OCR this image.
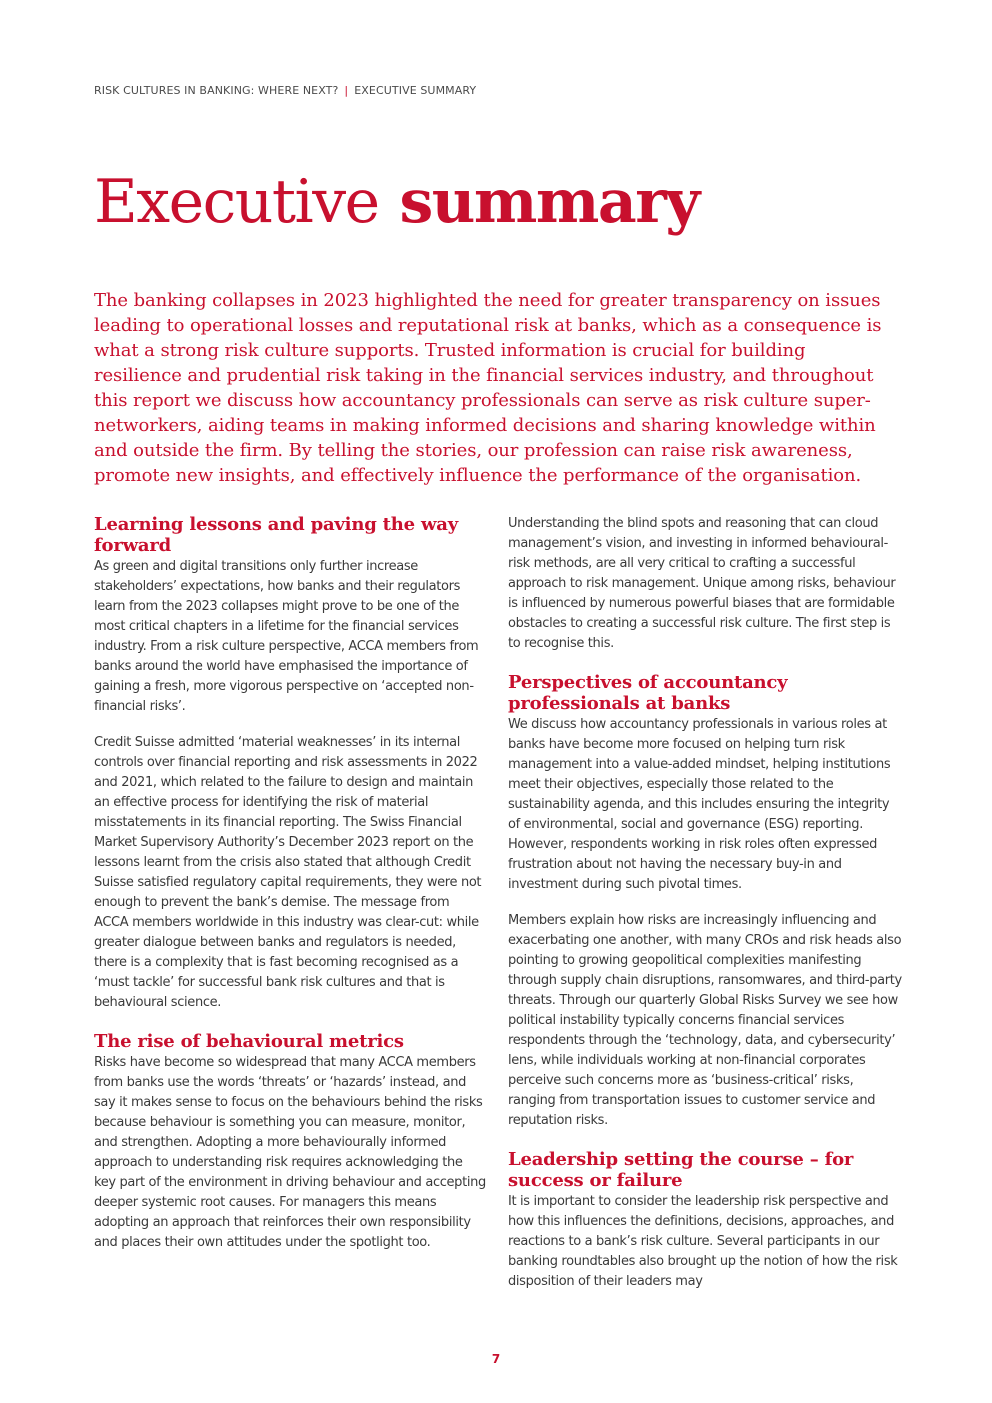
RISK CULTURES IN BANKING: WHERE NEXT? | EXECUTIVE SUMMARY
Executive summary

The banking collapses in 2023 highlighted the need for greater transparency on issues leading to operational losses and reputational risk at banks, which as a consequence is what a strong risk culture supports. Trusted information is crucial for building resilience and prudential risk taking in the financial services industry, and throughout this report we discuss how accountancy professionals can serve as risk culture super-networkers, aiding teams in making informed decisions and sharing knowledge within and outside the firm. By telling the stories, our profession can raise risk awareness, promote new insights, and effectively influence the performance of the organisation.

Learning lessons and paving the way forward

As green and digital transitions only further increase stakeholders’ expectations, how banks and their regulators learn from the 2023 collapses might prove to be one of the most critical chapters in a lifetime for the financial services industry. From a risk culture perspective, ACCA members from banks around the world have emphasised the importance of gaining a fresh, more vigorous perspective on ‘accepted non-financial risks’.

Credit Suisse admitted ‘material weaknesses’ in its internal controls over financial reporting and risk assessments in 2022 and 2021, which related to the failure to design and maintain an effective process for identifying the risk of material misstatements in its financial reporting. The Swiss Financial Market Supervisory Authority’s December 2023 report on the lessons learnt from the crisis also stated that although Credit Suisse satisfied regulatory capital requirements, they were not enough to prevent the bank’s demise. The message from ACCA members worldwide in this industry was clear-cut: while greater dialogue between banks and regulators is needed, there is a complexity that is fast becoming recognised as a ‘must tackle’ for successful bank risk cultures and that is behavioural science.

The rise of behavioural metrics

Risks have become so widespread that many ACCA members from banks use the words ‘threats’ or ‘hazards’ instead, and say it makes sense to focus on the behaviours behind the risks because behaviour is something you can measure, monitor, and strengthen. Adopting a more behaviourally informed approach to understanding risk requires acknowledging the key part of the environment in driving behaviour and accepting deeper systemic root causes. For managers this means adopting an approach that reinforces their own responsibility and places their own attitudes under the spotlight too.

Understanding the blind spots and reasoning that can cloud management’s vision, and investing in informed behavioural-risk methods, are all very critical to crafting a successful approach to risk management. Unique among risks, behaviour is influenced by numerous powerful biases that are formidable obstacles to creating a successful risk culture. The first step is to recognise this.

Perspectives of accountancy professionals at banks

We discuss how accountancy professionals in various roles at banks have become more focused on helping turn risk management into a value-added mindset, helping institutions meet their objectives, especially those related to the sustainability agenda, and this includes ensuring the integrity of environmental, social and governance (ESG) reporting. However, respondents working in risk roles often expressed frustration about not having the necessary buy-in and investment during such pivotal times.

Members explain how risks are increasingly influencing and exacerbating one another, with many CROs and risk heads also pointing to growing geopolitical complexities manifesting through supply chain disruptions, ransomwares, and third-party threats. Through our quarterly Global Risks Survey we see how political instability typically concerns financial services respondents through the ‘technology, data, and cybersecurity’ lens, while individuals working at non-financial corporates perceive such concerns more as ‘business-critical’ risks, ranging from transportation issues to customer service and reputation risks.

Leadership setting the course – for success or failure

It is important to consider the leadership risk perspective and how this influences the definitions, decisions, approaches, and reactions to a bank’s risk culture. Several participants in our banking roundtables also brought up the notion of how the risk disposition of their leaders may

7
